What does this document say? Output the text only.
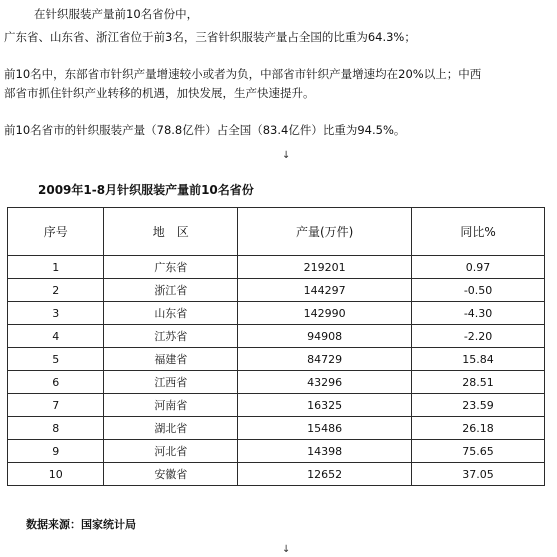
在针织服装产量前10名省份中，
广东省、山东省、浙江省位于前3名，三省针织服装产量占全国的比重为64.3%；
前10名中，东部省市针织产量增速较小或者为负，中部省市针织产量增速均在20%以上；中西
部省市抓住针织产业转移的机遇，加快发展，生产快速提升。
前10名省市的针织服装产量（78.8亿件）占全国（83.4亿件）比重为94.5%。
↓
2009年1-8月针织服装产量前10名省份
序号	地　区	产量(万件)	同比%
1	广东省	219201	0.97
2	浙江省	144297	-0.50
3	山东省	142990	-4.30
4	江苏省	94908	-2.20
5	福建省	84729	15.84
6	江西省	43296	28.51
7	河南省	16325	23.59
8	湖北省	15486	26.18
9	河北省	14398	75.65
10	安徽省	12652	37.05
数据来源：国家统计局
↓
